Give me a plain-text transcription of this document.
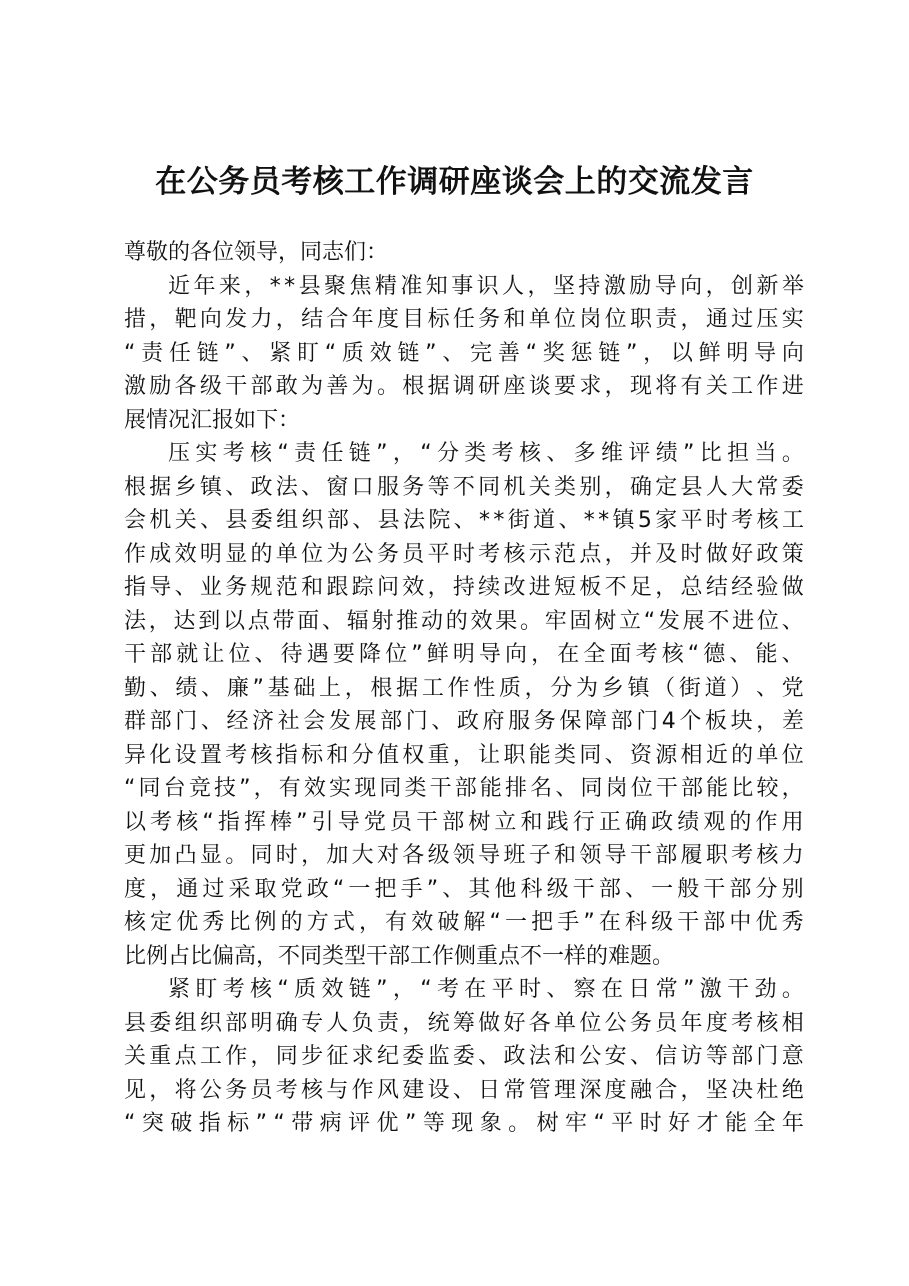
在公务员考核工作调研座谈会上的交流发言
尊敬的各位领导，同志们：
近 年 来 ， * * 县 聚 焦 精 准 知 事 识 人 ， 坚 持 激 励 导 向 ， 创 新 举
措 ， 靶 向 发 力 ， 结 合 年 度 目 标 任 务 和 单 位 岗 位 职 责 ， 通 过 压 实
“ 责 任 链 ” 、 紧 盯 “ 质 效 链 ” 、 完 善 “ 奖 惩 链 ” ， 以 鲜 明 导 向
激 励 各 级 干 部 敢 为 善 为 。 根 据 调 研 座 谈 要 求 ， 现 将 有 关 工 作 进
展情况汇报如下：
压 实 考 核 “ 责 任 链 ” ， “ 分 类 考 核 、 多 维 评 绩 ” 比 担 当 。
根 据 乡 镇 、 政 法 、 窗 口 服 务 等 不 同 机 关 类 别 ， 确 定 县 人 大 常 委
会 机 关 、 县 委 组 织 部 、 县 法 院 、 * * 街 道 、 * * 镇 5 家 平 时 考 核 工
作 成 效 明 显 的 单 位 为 公 务 员 平 时 考 核 示 范 点 ， 并 及 时 做 好 政 策
指 导 、 业 务 规 范 和 跟 踪 问 效 ， 持 续 改 进 短 板 不 足 ， 总 结 经 验 做
法 ， 达 到 以 点 带 面 、 辐 射 推 动 的 效 果 。 牢 固 树 立 “ 发 展 不 进 位 、
干 部 就 让 位 、 待 遇 要 降 位 ” 鲜 明 导 向 ， 在 全 面 考 核 “ 德 、 能 、
勤 、 绩 、 廉 ” 基 础 上 ， 根 据 工 作 性 质 ， 分 为 乡 镇 （ 街 道 ） 、 党
群 部 门 、 经 济 社 会 发 展 部 门 、 政 府 服 务 保 障 部 门 4 个 板 块 ， 差
异 化 设 置 考 核 指 标 和 分 值 权 重 ， 让 职 能 类 同 、 资 源 相 近 的 单 位
“ 同 台 竞 技 ” ， 有 效 实 现 同 类 干 部 能 排 名 、 同 岗 位 干 部 能 比 较 ，
以 考 核 “ 指 挥 棒 ” 引 导 党 员 干 部 树 立 和 践 行 正 确 政 绩 观 的 作 用
更 加 凸 显 。 同 时 ， 加 大 对 各 级 领 导 班 子 和 领 导 干 部 履 职 考 核 力
度 ， 通 过 采 取 党 政 “ 一 把 手 ” 、 其 他 科 级 干 部 、 一 般 干 部 分 别
核 定 优 秀 比 例 的 方 式 ， 有 效 破 解 “ 一 把 手 ” 在 科 级 干 部 中 优 秀
比例占比偏高，不同类型干部工作侧重点不一样的难题。
紧 盯 考 核 “ 质 效 链 ” ， “ 考 在 平 时 、 察 在 日 常 ” 激 干 劲 。
县 委 组 织 部 明 确 专 人 负 责 ， 统 筹 做 好 各 单 位 公 务 员 年 度 考 核 相
关 重 点 工 作 ， 同 步 征 求 纪 委 监 委 、 政 法 和 公 安 、 信 访 等 部 门 意
见 ， 将 公 务 员 考 核 与 作 风 建 设 、 日 常 管 理 深 度 融 合 ， 坚 决 杜 绝
“ 突 破 指 标 ” “ 带 病 评 优 ” 等 现 象 。 树 牢 “ 平 时 好 才 能 全 年
